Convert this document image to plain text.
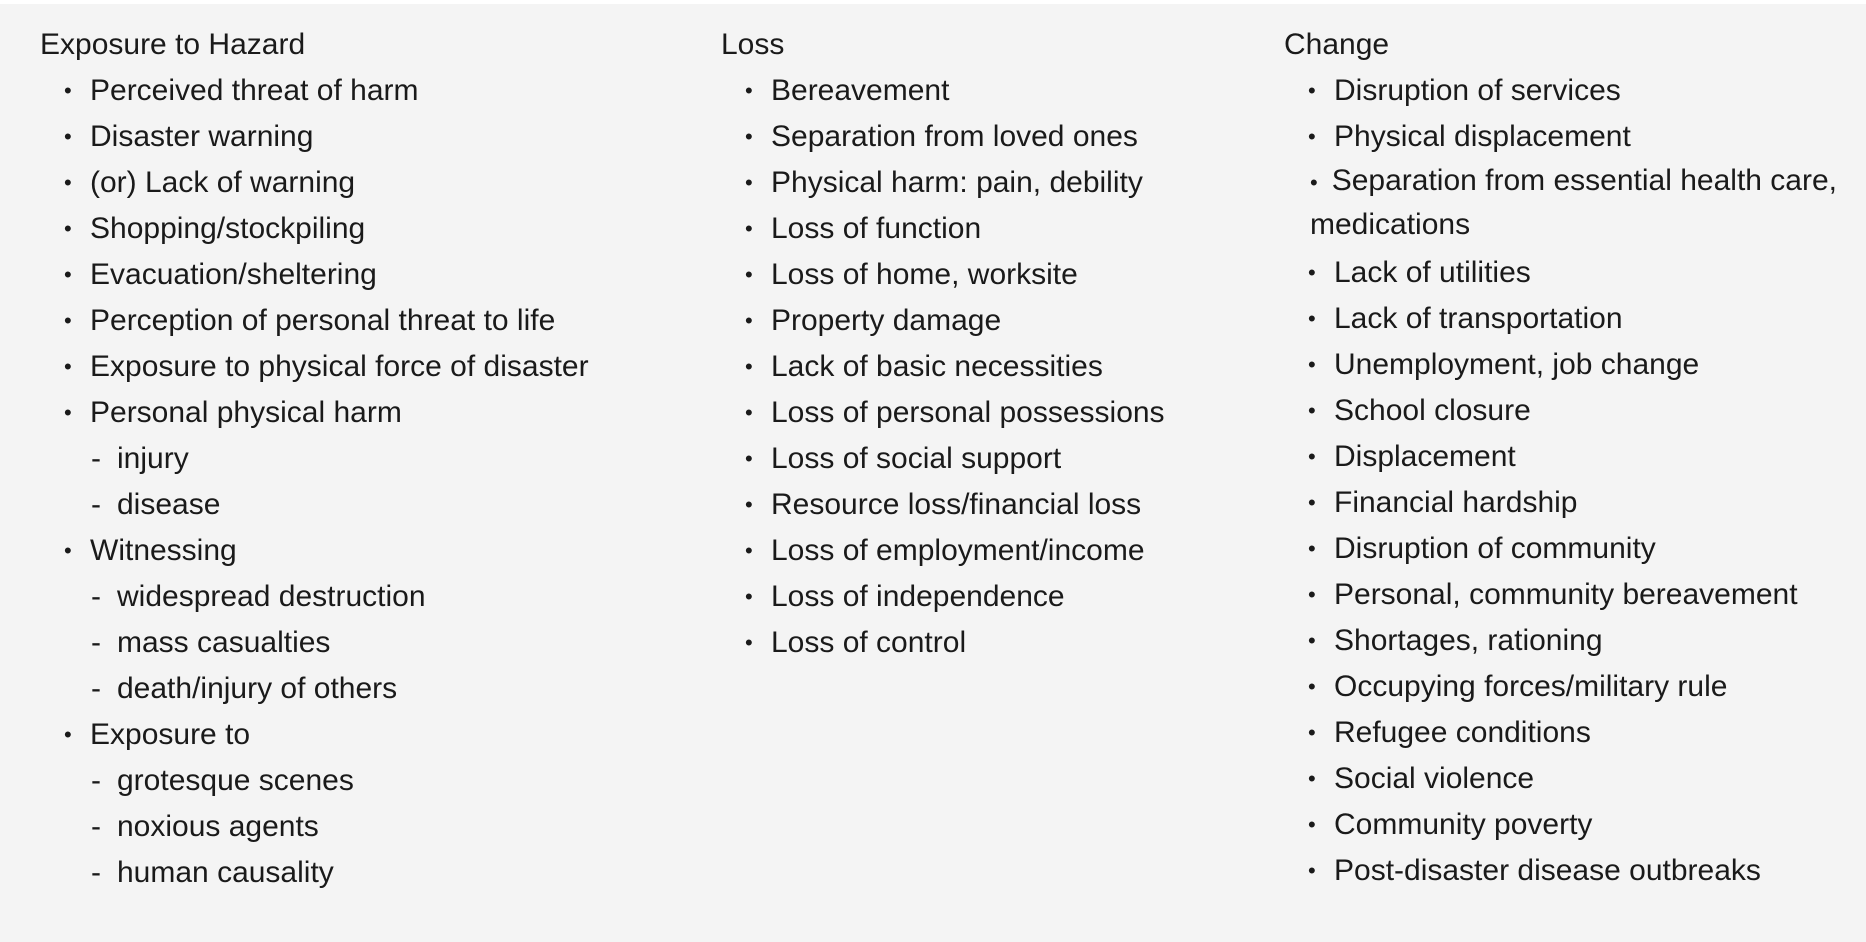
Exposure to Hazard
• Perceived threat of harm
• Disaster warning
• (or) Lack of warning
• Shopping/stockpiling
• Evacuation/sheltering
• Perception of personal threat to life
• Exposure to physical force of disaster
• Personal physical harm
- injury
- disease
• Witnessing
- widespread destruction
- mass casualties
- death/injury of others
• Exposure to
- grotesque scenes
- noxious agents
- human causality
Loss
• Bereavement
• Separation from loved ones
• Physical harm: pain, debility
• Loss of function
• Loss of home, worksite
• Property damage
• Lack of basic necessities
• Loss of personal possessions
• Loss of social support
• Resource loss/financial loss
• Loss of employment/income
• Loss of independence
• Loss of control
Change
• Disruption of services
• Physical displacement
• Separation from essential health care, medications
• Lack of utilities
• Lack of transportation
• Unemployment, job change
• School closure
• Displacement
• Financial hardship
• Disruption of community
• Personal, community bereavement
• Shortages, rationing
• Occupying forces/military rule
• Refugee conditions
• Social violence
• Community poverty
• Post-disaster disease outbreaks
